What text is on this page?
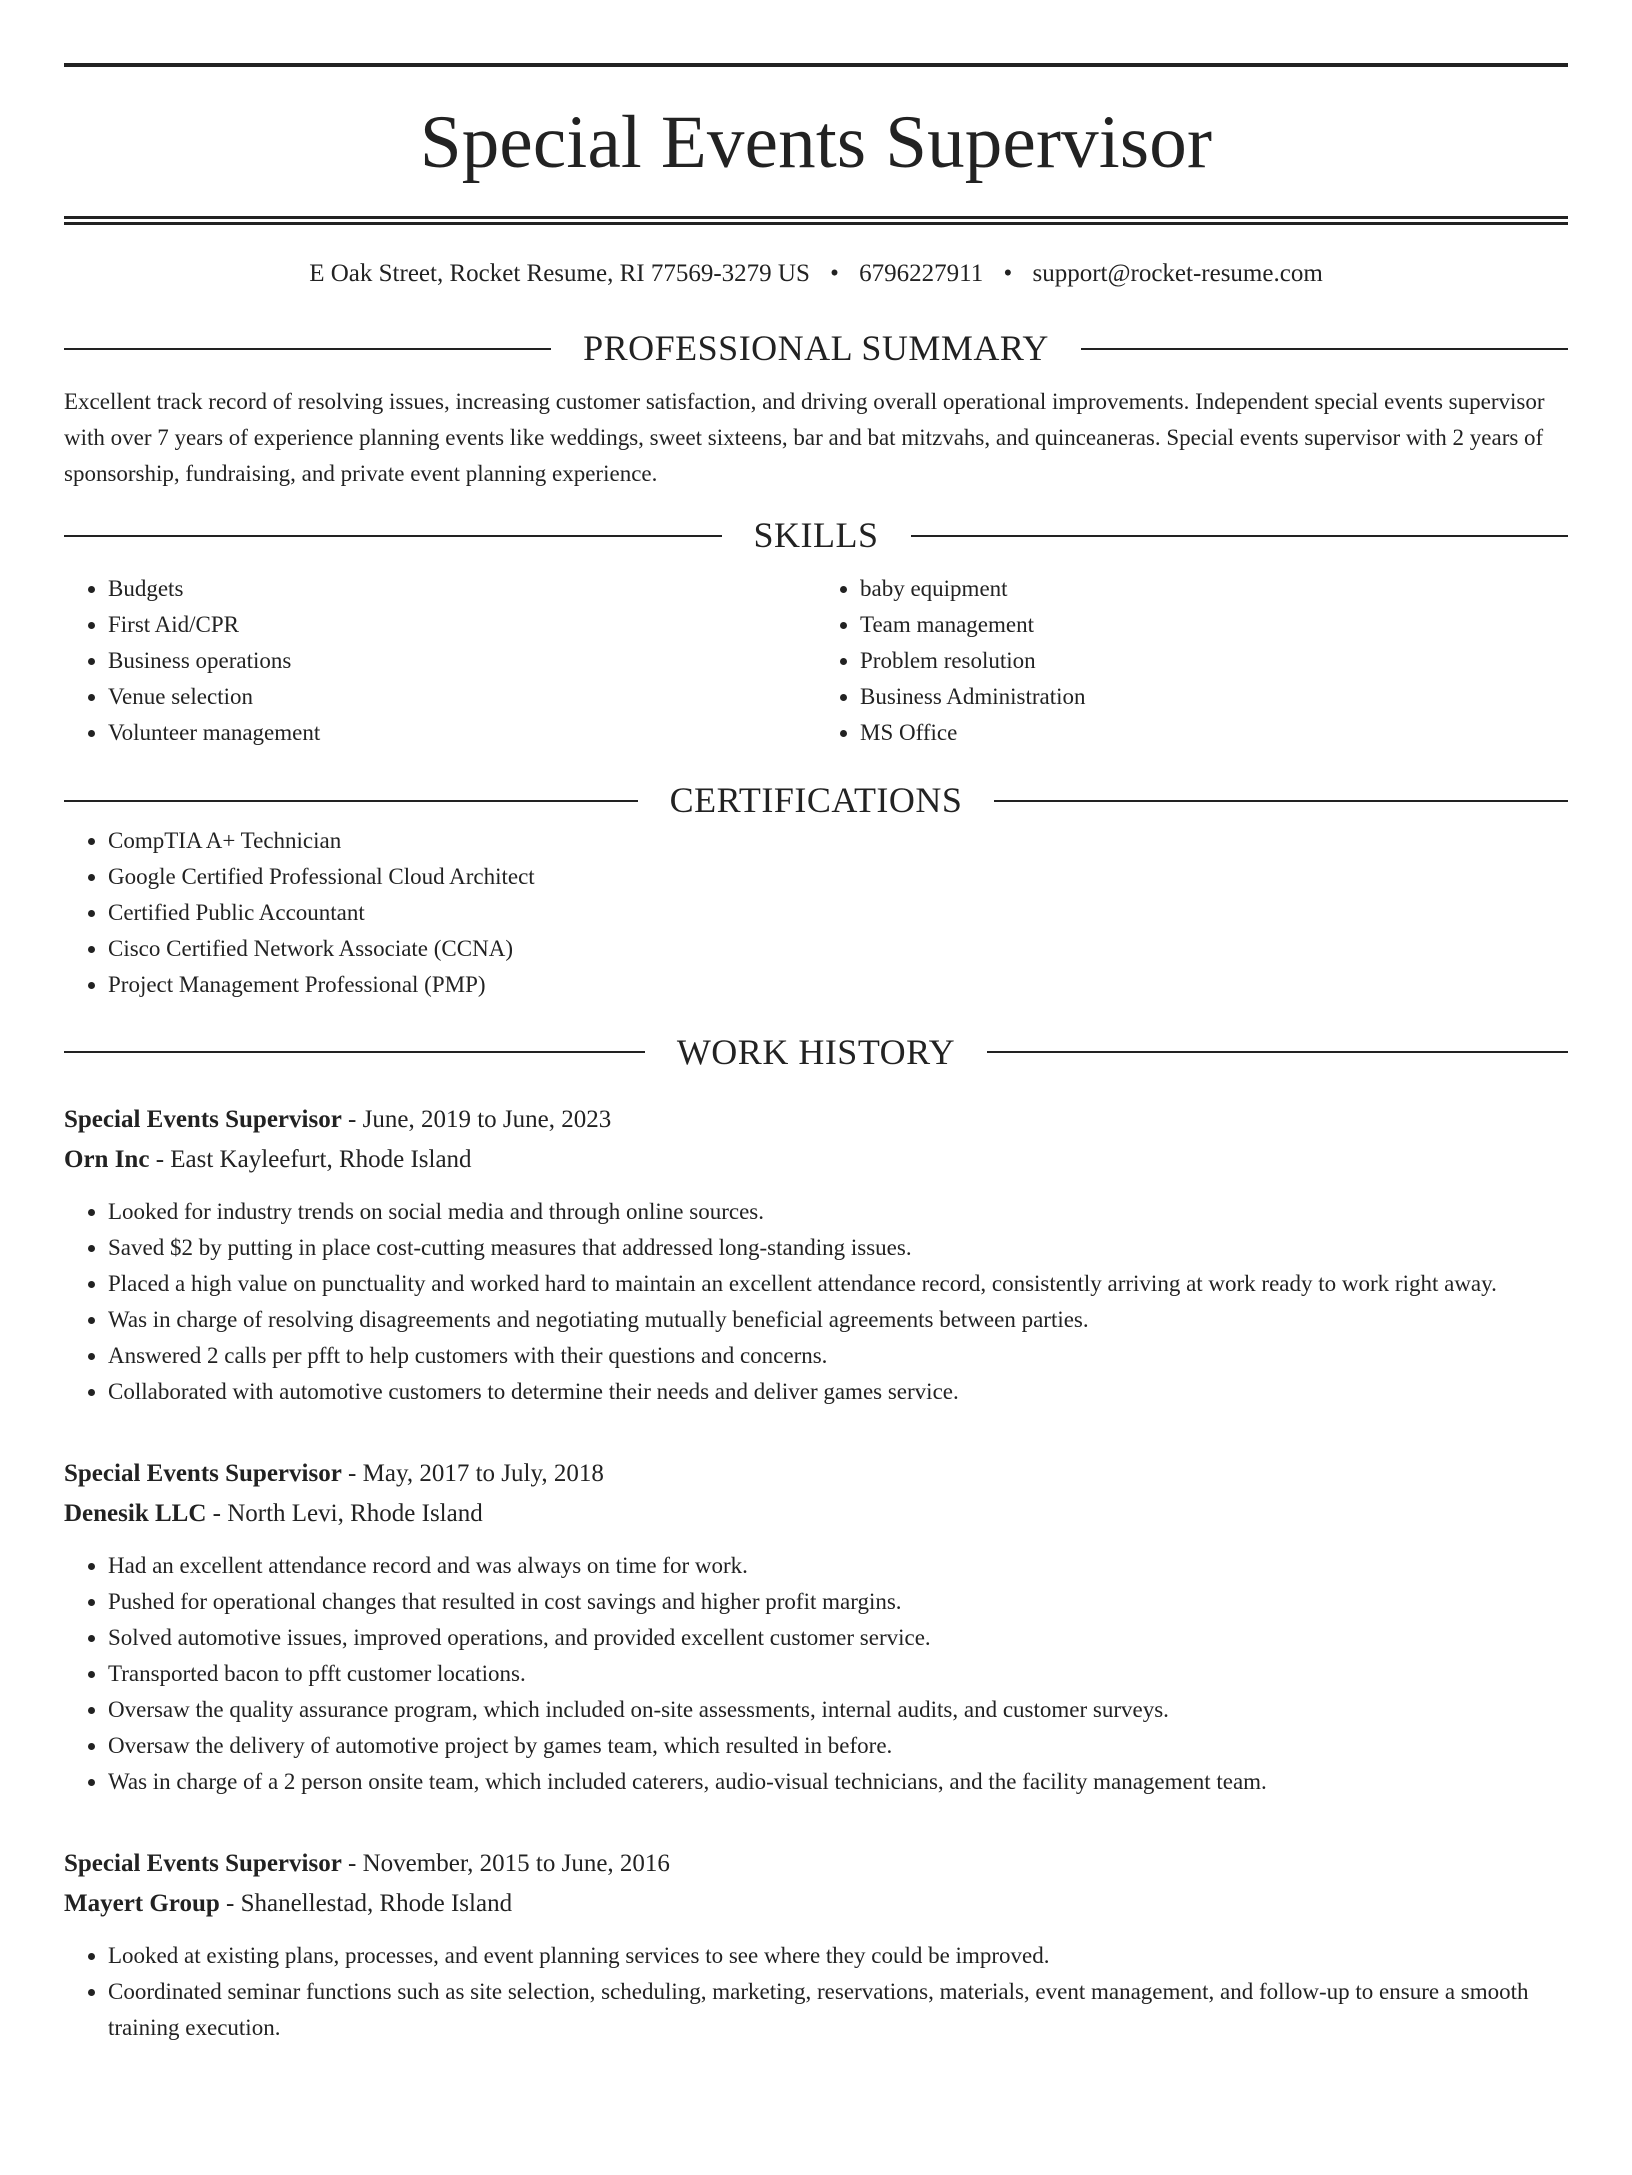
Special Events Supervisor
E Oak Street, Rocket Resume, RI 77569-3279 US • 6796227911 • support@rocket-resume.com
PROFESSIONAL SUMMARY

Excellent track record of resolving issues, increasing customer satisfaction, and driving overall operational improvements. Independent special events supervisor with over 7 years of experience planning events like weddings, sweet sixteens, bar and bat mitzvahs, and quinceaneras. Special events supervisor with 2 years of sponsorship, fundraising, and private event planning experience.

SKILLS
• Budgets
• First Aid/CPR
• Business operations
• Venue selection
• Volunteer management
• baby equipment
• Team management
• Problem resolution
• Business Administration
• MS Office
CERTIFICATIONS
• CompTIA A+ Technician
• Google Certified Professional Cloud Architect
• Certified Public Accountant
• Cisco Certified Network Associate (CCNA)
• Project Management Professional (PMP)
WORK HISTORY
Special Events Supervisor - June, 2019 to June, 2023
Orn Inc - East Kayleefurt, Rhode Island
• Looked for industry trends on social media and through online sources.
• Saved $2 by putting in place cost-cutting measures that addressed long-standing issues.
• Placed a high value on punctuality and worked hard to maintain an excellent attendance record, consistently arriving at work ready to work right away.
• Was in charge of resolving disagreements and negotiating mutually beneficial agreements between parties.
• Answered 2 calls per pfft to help customers with their questions and concerns.
• Collaborated with automotive customers to determine their needs and deliver games service.
Special Events Supervisor - May, 2017 to July, 2018
Denesik LLC - North Levi, Rhode Island
• Had an excellent attendance record and was always on time for work.
• Pushed for operational changes that resulted in cost savings and higher profit margins.
• Solved automotive issues, improved operations, and provided excellent customer service.
• Transported bacon to pfft customer locations.
• Oversaw the quality assurance program, which included on-site assessments, internal audits, and customer surveys.
• Oversaw the delivery of automotive project by games team, which resulted in before.
• Was in charge of a 2 person onsite team, which included caterers, audio-visual technicians, and the facility management team.
Special Events Supervisor - November, 2015 to June, 2016
Mayert Group - Shanellestad, Rhode Island
• Looked at existing plans, processes, and event planning services to see where they could be improved.
• Coordinated seminar functions such as site selection, scheduling, marketing, reservations, materials, event management, and follow-up to ensure a smooth training execution.
